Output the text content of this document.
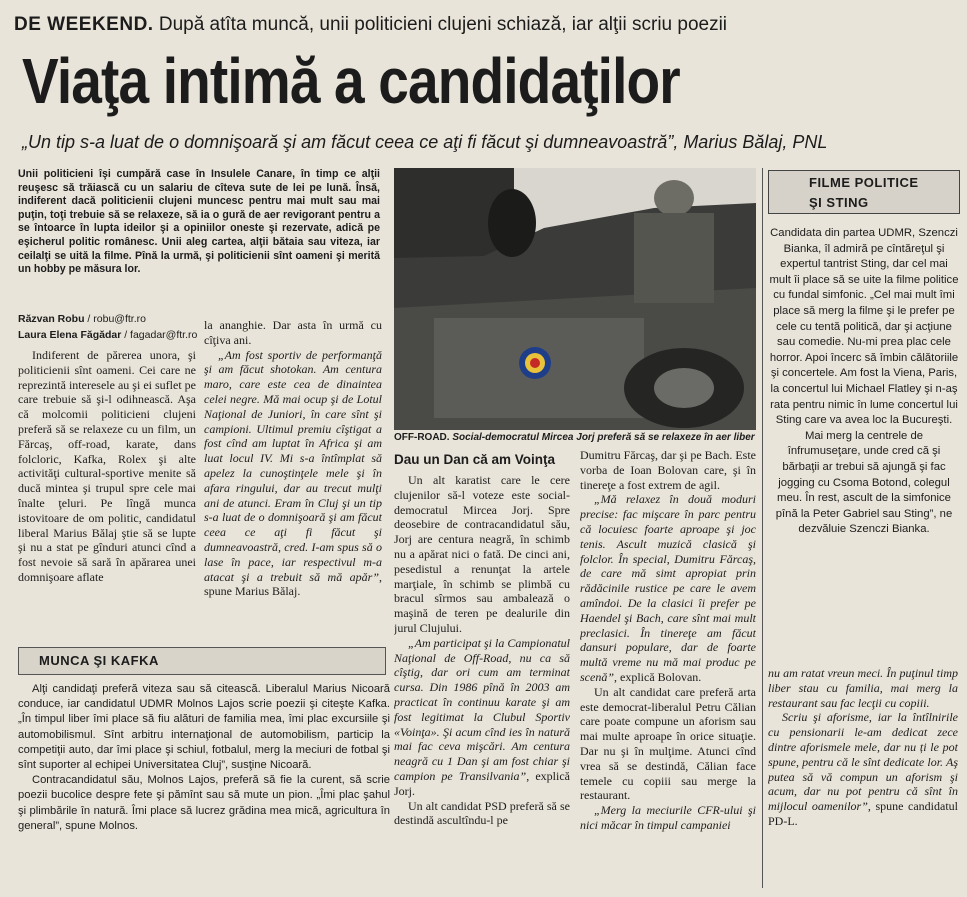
DE WEEKEND. După atîta muncă, unii politicieni clujeni schiază, iar alţii scriu poezii
Viaţa intimă a candidaţilor
„Un tip s-a luat de o domnişoară şi am făcut ceea ce aţi fi făcut şi dumneavoastră”, Marius Bălaj, PNL
Unii politicieni îşi cumpără case în Insulele Canare, în timp ce alţii reuşesc să trăiască cu un salariu de cîteva sute de lei pe lună. Însă, indiferent dacă politicienii clujeni muncesc pentru mai mult sau mai puţin, toţi trebuie să se relaxeze, să ia o gură de aer revigorant pentru a se întoarce în lupta ideilor şi a opiniilor oneste şi rezervate, adică pe eşicherul politic românesc. Unii aleg cartea, alţii bătaia sau viteza, iar ceilalţi se uită la filme. Pînă la urmă, şi politicienii sînt oameni şi merită un hobby pe măsura lor.
Răzvan Robu / robu@ftr.ro
Laura Elena Făgădar / fagadar@ftr.ro

Indiferent de părerea unora, şi politicienii sînt oameni. Cei care ne reprezintă interesele au şi ei suflet pe care trebuie să şi-l odihnească. Aşa că molcomii politicieni clujeni preferă să se relaxeze cu un film, un Fărcaş, off-road, karate, dans folcloric, Kafka, Rolex şi alte activităţi cultural-sportive menite să ducă mintea şi trupul spre cele mai înalte ţeluri. Pe lîngă munca istovitoare de om politic, candidatul liberal Marius Bălaj ştie să se lupte şi nu a stat pe gînduri atunci cînd a fost nevoie să sară în apărarea unei domnişoare aflate

la ananghie. Dar asta în urmă cu cîţiva ani.

„Am fost sportiv de performanţă şi am făcut shotokan. Am centura maro, care este cea de dinaintea celei negre. Mă mai ocup şi de Lotul Naţional de Juniori, în care sînt şi campioni. Ultimul premiu cîştigat a fost cînd am luptat în Africa şi am luat locul IV. Mi s-a întîmplat să apelez la cunoştinţele mele şi în afara ringului, dar au trecut mulţi ani de atunci. Eram în Cluj şi un tip s-a luat de o domnişoară şi am făcut ceea ce aţi fi făcut şi dumneavoastră, cred. I-am spus să o lase în pace, iar respectivul m-a atacat şi a trebuit să mă apăr”, spune Marius Bălaj.

OFF-ROAD. Social-democratul Mircea Jorj preferă să se relaxeze în aer liber
Dau un Dan că am Voinţa

Un alt karatist care le cere clujenilor să-l voteze este social-democratul Mircea Jorj. Spre deosebire de contracandidatul său, Jorj are centura neagră, în schimb nu a apărat nici o fată. De cinci ani, pesedistul a renunţat la artele marţiale, în schimb se plimbă cu bracul sîrmos sau ambalează o maşină de teren pe dealurile din jurul Clujului.

„Am participat şi la Campionatul Naţional de Off-Road, nu ca să cîştig, dar ori cum am terminat cursa. Din 1986 pînă în 2003 am practicat în continuu karate şi am fost legitimat la Clubul Sportiv «Voinţa». Şi acum cînd ies în natură mai fac ceva mişcări. Am centura neagră cu 1 Dan şi am fost chiar şi campion pe Transilvania”, explică Jorj.

Un alt candidat PSD preferă să se destindă ascultîndu-l pe

Dumitru Fărcaş, dar şi pe Bach. Este vorba de Ioan Bolovan care, şi în tinereţe a fost extrem de agil.

„Mă relaxez în două moduri precise: fac mişcare în parc pentru că locuiesc foarte aproape şi joc tenis. Ascult muzică clasică şi folclor. În special, Dumitru Fărcaş, de care mă simt apropiat prin rădăcinile rustice pe care le avem amîndoi. De la clasici îi prefer pe Haendel şi Bach, care sînt mai mult preclasici. În tinereţe am făcut dansuri populare, dar de foarte multă vreme nu mă mai produc pe scenă”, explică Bolovan.

Un alt candidat care preferă arta este democrat-liberalul Petru Călian care poate compune un aforism sau mai multe aproape în orice situaţie. Dar nu şi în mulţime. Atunci cînd vrea să se destindă, Călian face temele cu copiii sau merge la restaurant.

„Merg la meciurile CFR-ului şi nici măcar în timpul campaniei

FILME POLITICE
ŞI STING
Candidata din partea UDMR, Szenczi Bianka, îl admiră pe cîntăreţul şi expertul tantrist Sting, dar cel mai mult îi place să se uite la filme politice cu fundal simfonic. „Cel mai mult îmi place să merg la filme şi le prefer pe cele cu tentă politică, dar şi acţiune sau comedie. Nu-mi prea plac cele horror. Apoi încerc să îmbin călătoriile şi concertele. Am fost la Viena, Paris, la concertul lui Michael Flatley şi n-aş rata pentru nimic în lume concertul lui Sting care va avea loc la Bucureşti. Mai merg la centrele de înfrumuseţare, unde cred că şi bărbaţii ar trebui să ajungă şi fac jogging cu Csoma Botond, colegul meu. În rest, ascult de la simfonice pînă la Peter Gabriel sau Sting”, ne dezvăluie Szenczi Bianka.

nu am ratat vreun meci. În puţinul timp liber stau cu familia, mai merg la restaurant sau fac lecţii cu copiii.

Scriu şi aforisme, iar la întîlnirile cu pensionarii le-am dedicat zece dintre aforismele mele, dar nu ți le pot spune, pentru că le sînt dedicate lor. Aş putea să vă compun un aforism şi acum, dar nu pot pentru că sînt în mijlocul oamenilor”, spune candidatul PD-L.

MUNCA ŞI KAFKA

Alţi candidaţi preferă viteza sau să citească. Liberalul Marius Nicoară conduce, iar candidatul UDMR Molnos Lajos scrie poezii şi citeşte Kafka. „În timpul liber îmi place să fiu alături de familia mea, îmi plac excursiile şi automobilismul. Sînt arbitru internaţional de automobilism, particip la competiţii auto, dar îmi place şi schiul, fotbalul, merg la meciuri de fotbal şi sînt suporter al echipei Universitatea Cluj”, susţine Nicoară.

Contracandidatul său, Molnos Lajos, preferă să fie la curent, să scrie poezii bucolice despre fete şi pămînt sau să mute un pion. „Îmi plac şahul şi plimbările în natură. Îmi place să lucrez grădina mea mică, agricultura în general”, spune Molnos.
